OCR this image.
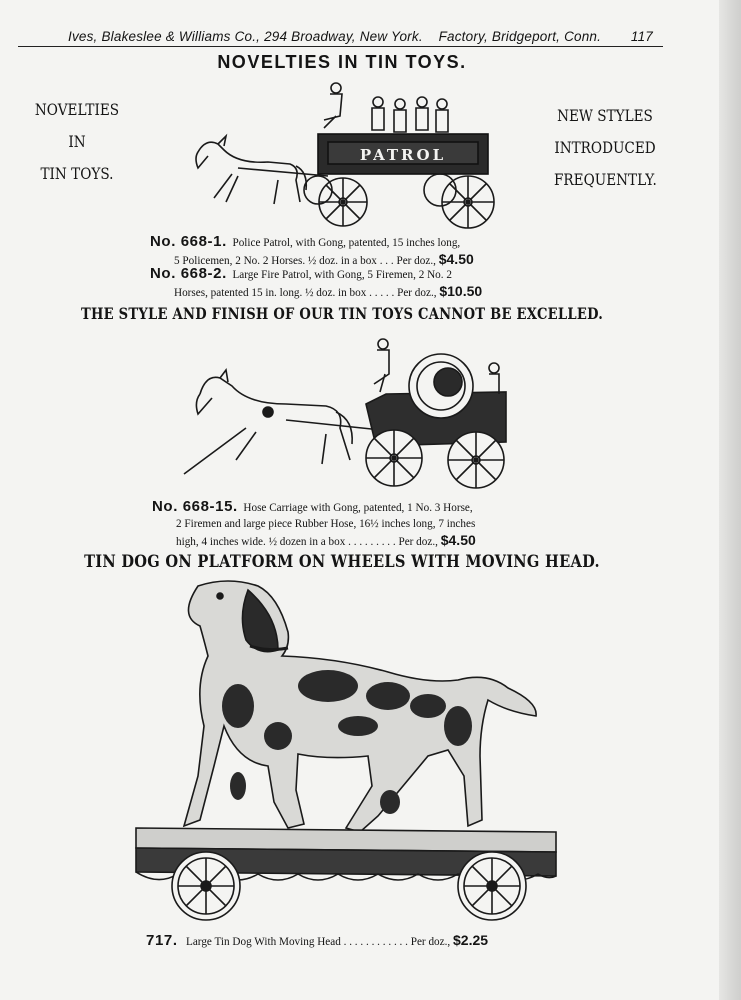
Ives, Blakeslee & Williams Co., 294 Broadway, New York.    Factory, Bridgeport, Conn. 117
NOVELTIES IN TIN TOYS.
NOVELTIES
IN
TIN TOYS.
NEW STYLES
INTRODUCED
FREQUENTLY.
PATROL
No. 668-1. Police Patrol, with Gong, patented, 15 inches long,
5 Policemen, 2 No. 2 Horses. ½ doz. in a box . . . Per doz., $4.50
No. 668-2. Large Fire Patrol, with Gong, 5 Firemen, 2 No. 2
Horses, patented 15 in. long. ½ doz. in box . . . . . Per doz., $10.50
THE STYLE AND FINISH OF OUR TIN TOYS CANNOT BE EXCELLED.
No. 668-15. Hose Carriage with Gong, patented, 1 No. 3 Horse,
2 Firemen and large piece Rubber Hose, 16½ inches long, 7 inches
high, 4 inches wide. ½ dozen in a box . . . . . . . . . Per doz., $4.50
TIN DOG ON PLATFORM ON WHEELS WITH MOVING HEAD.
717. Large Tin Dog With Moving Head . . . . . . . . . . . . Per doz., $2.25
